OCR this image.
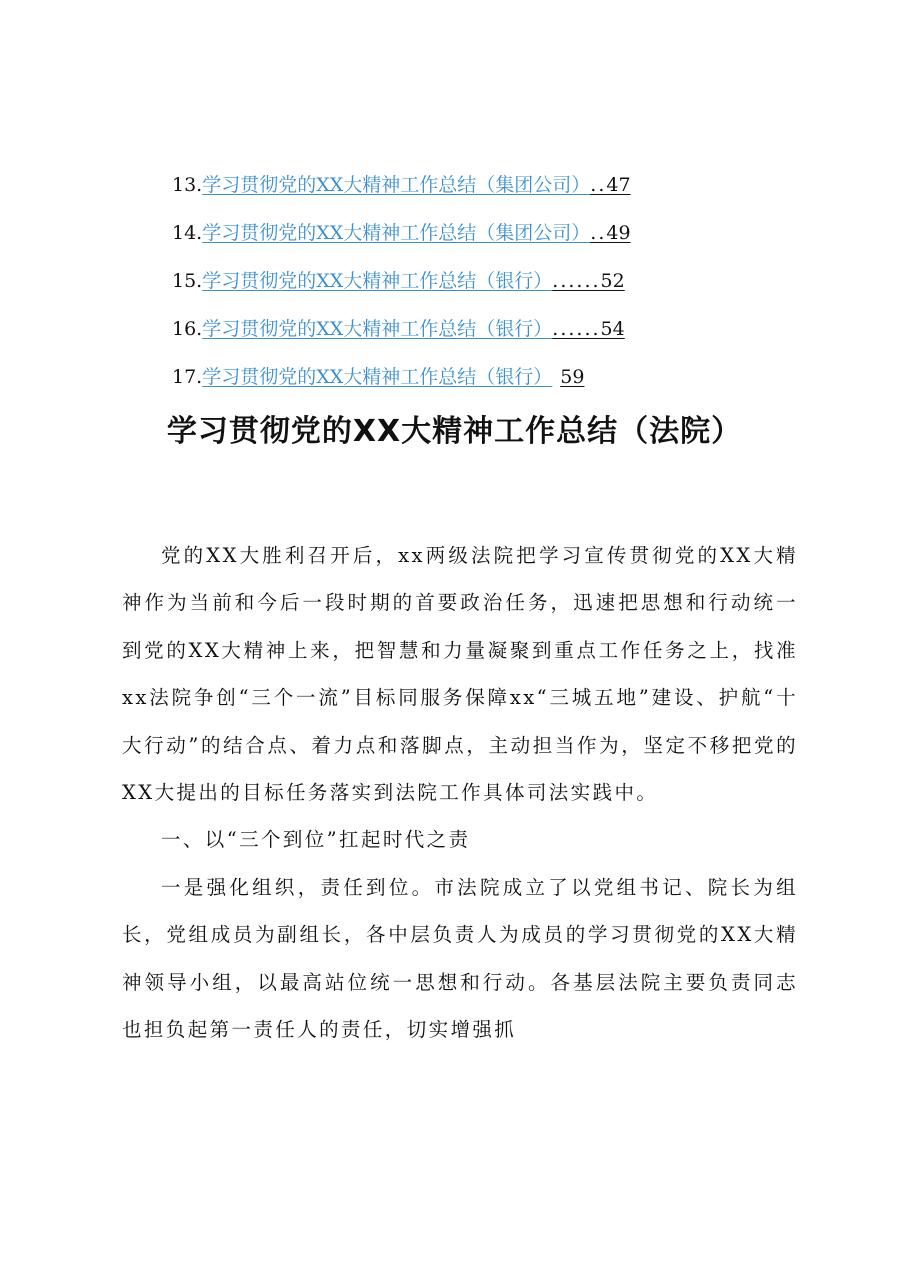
13. 学习贯彻党的XX大精神工作总结（集团公司） .. 47
14. 学习贯彻党的XX大精神工作总结（集团公司） .. 49
15. 学习贯彻党的XX大精神工作总结（银行） ...... 52
16. 学习贯彻党的XX大精神工作总结（银行） ...... 54
17. 学习贯彻党的XX大精神工作总结（银行） 59
学习贯彻党的XX大精神工作总结（法院）

党的XX大胜利召开后，xx两级法院把学习宣传贯彻党的XX大精神作为当前和今后一段时期的首要政治任务，迅速把思想和行动统一到党的XX大精神上来，把智慧和力量凝聚到重点工作任务之上，找准xx法院争创“三个一流”目标同服务保障xx“三城五地”建设、护航“十大行动”的结合点、着力点和落脚点，主动担当作为，坚定不移把党的XX大提出的目标任务落实到法院工作具体司法实践中。

一、以“三个到位”扛起时代之责

一是强化组织，责任到位。市法院成立了以党组书记、院长为组长，党组成员为副组长，各中层负责人为成员的学习贯彻党的XX大精神领导小组，以最高站位统一思想和行动。各基层法院主要负责同志也担负起第一责任人的责任，切实增强抓
